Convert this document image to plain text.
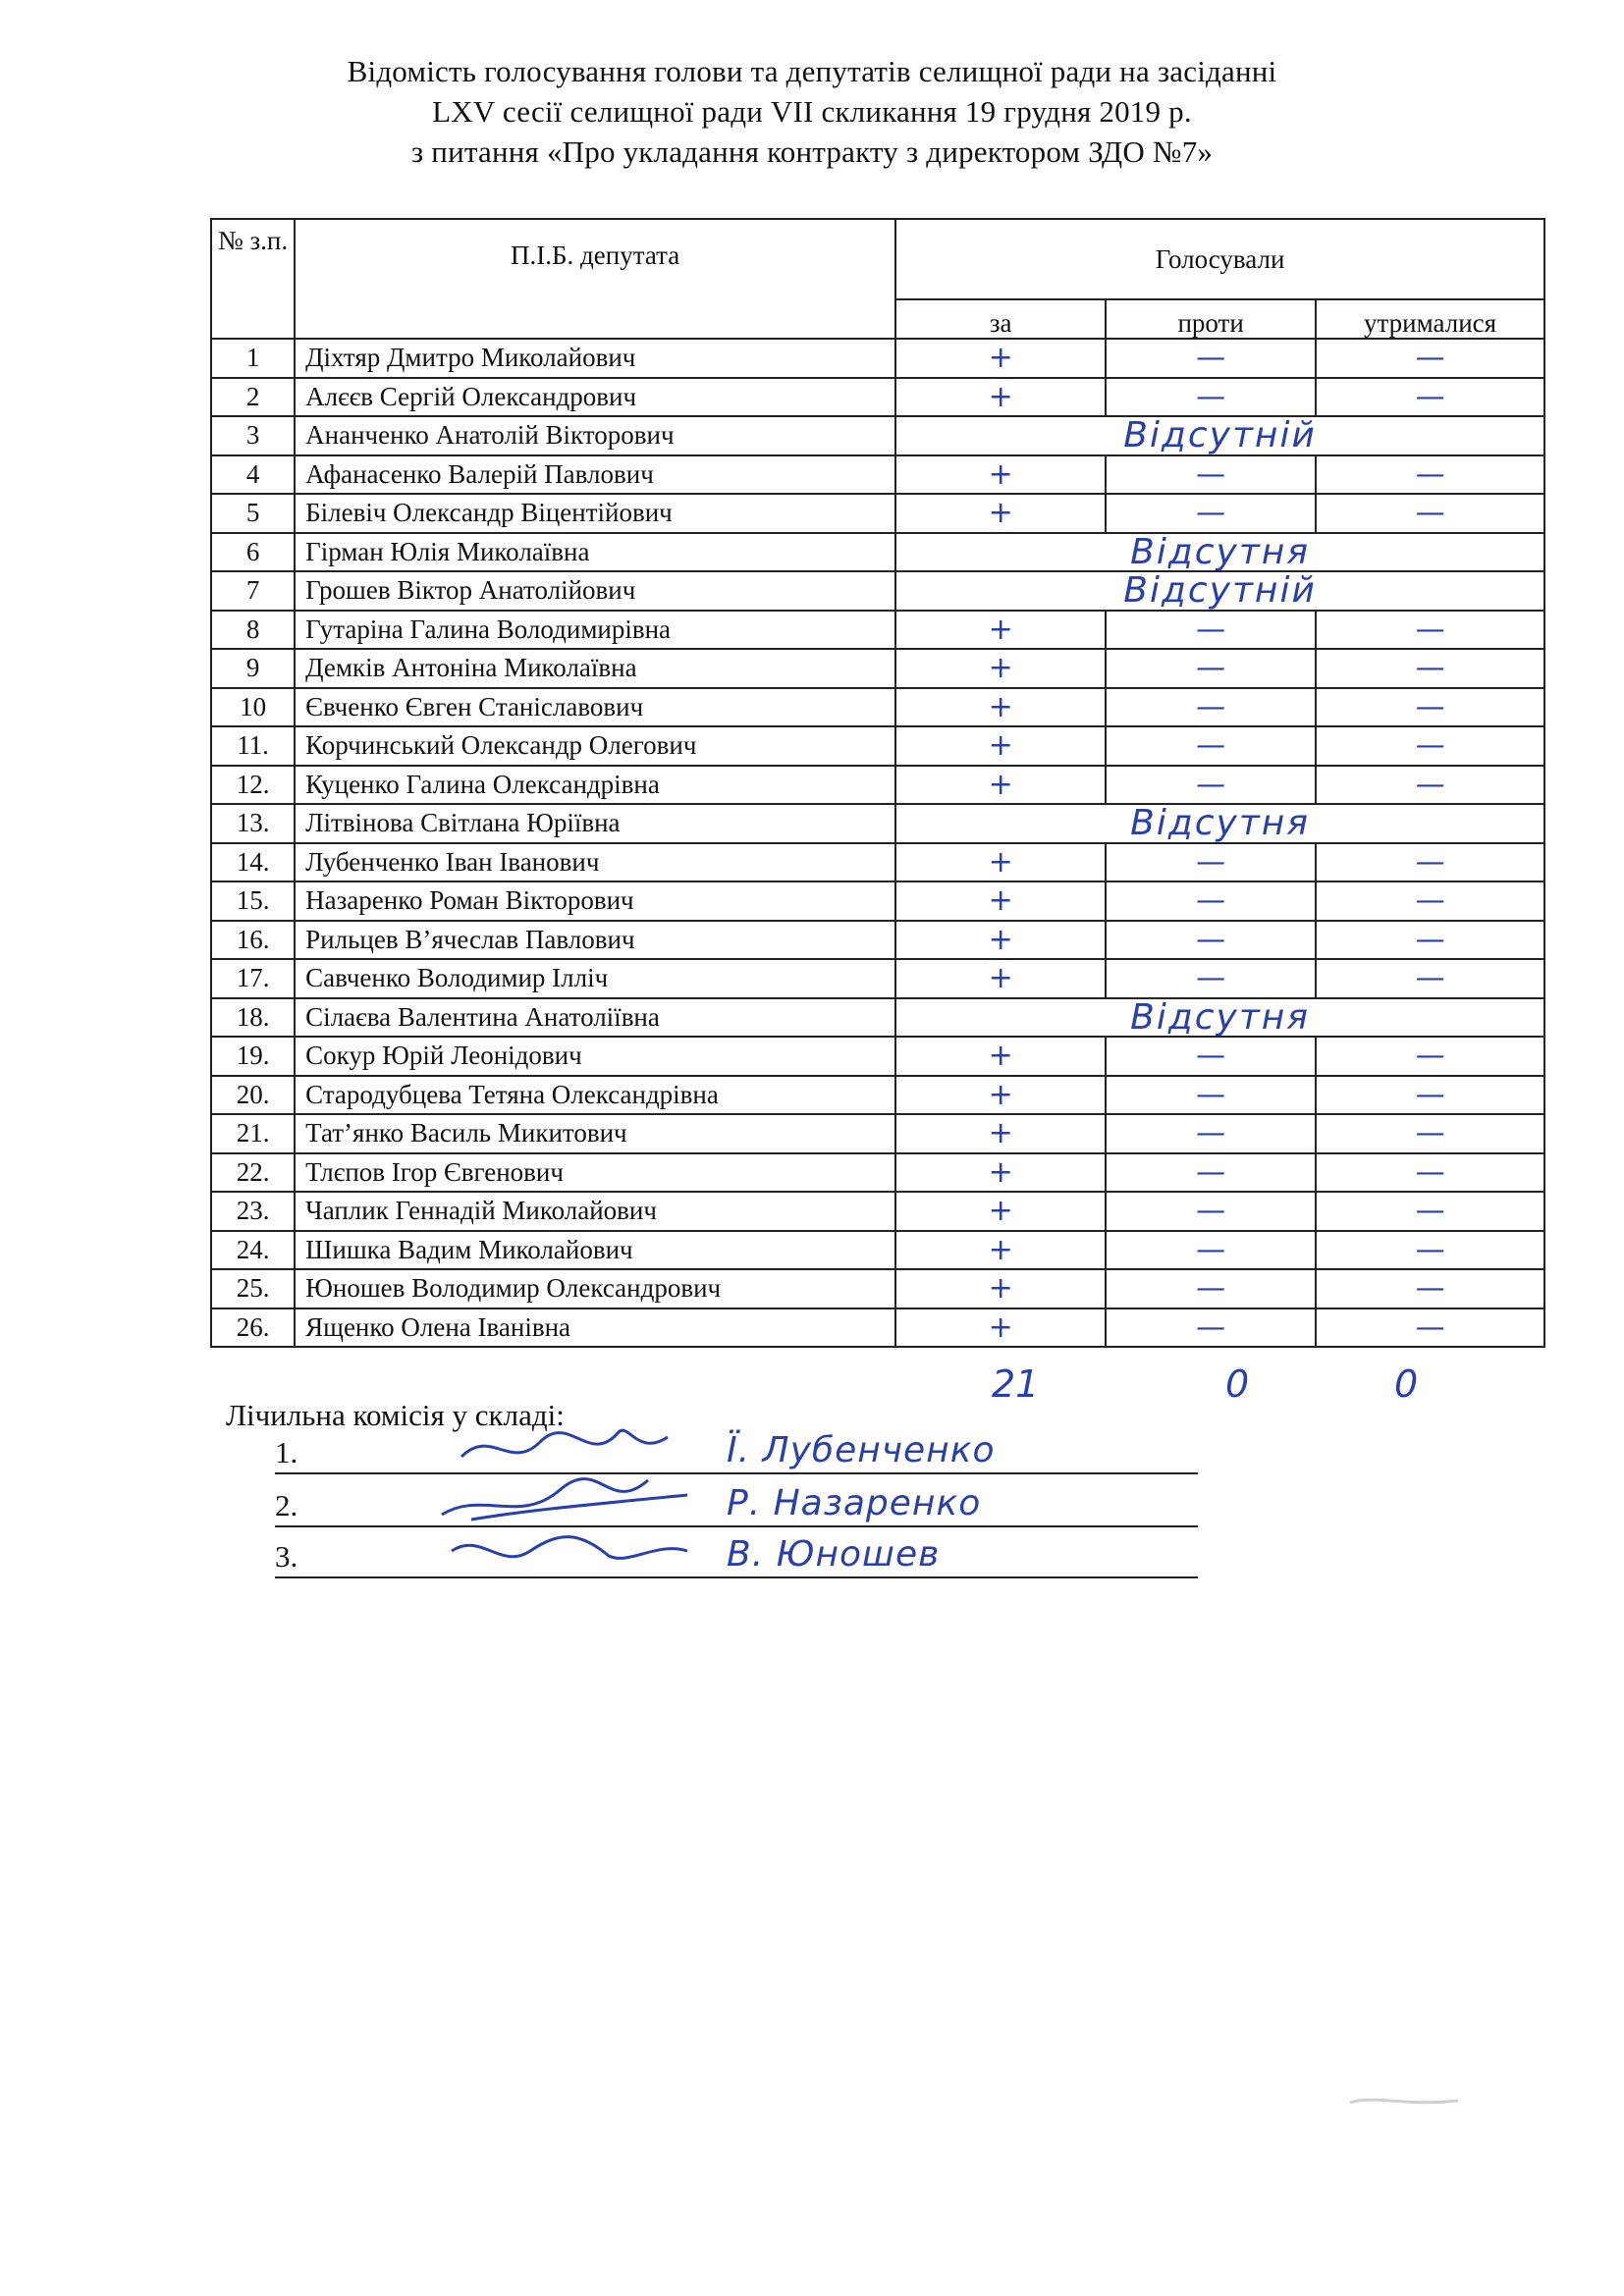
Відомість голосування голови та депутатів селищної ради на засіданні
LXV сесії селищної ради VII скликання 19 грудня 2019 р.
з питання «Про укладання контракту з директором ЗДО №7»
№ з.п.	П.І.Б. депутата	Голосували		
		за	проти	утрималися
1	Діхтяр Дмитро Миколайович	+	—	—
2	Алєєв Сергій Олександрович	+	—	—
3	Ананченко Анатолій Вікторович	Відсутній		
4	Афанасенко Валерій Павлович	+	—	—
5	Білевіч Олександр Віцентійович	+	—	—
6	Гірман Юлія Миколаївна	Відсутня		
7	Грошев Віктор Анатолійович	Відсутній		
8	Гутаріна Галина Володимирівна	+	—	—
9	Демків Антоніна Миколаївна	+	—	—
10	Євченко Євген Станіславович	+	—	—
11.	Корчинський Олександр Олегович	+	—	—
12.	Куценко Галина Олександрівна	+	—	—
13.	Літвінова Світлана Юріївна	Відсутня		
14.	Лубенченко Іван Іванович	+	—	—
15.	Назаренко Роман Вікторович	+	—	—
16.	Рильцев В’ячеслав Павлович	+	—	—
17.	Савченко Володимир Ілліч	+	—	—
18.	Сілаєва Валентина Анатоліївна	Відсутня		
19.	Сокур Юрій Леонідович	+	—	—
20.	Стародубцева Тетяна Олександрівна	+	—	—
21.	Тат’янко Василь Микитович	+	—	—
22.	Тлєпов Ігор Євгенович	+	—	—
23.	Чаплик Геннадій Миколайович	+	—	—
24.	Шишка Вадим Миколайович	+	—	—
25.	Юношев Володимир Олександрович	+	—	—
26.	Ященко Олена Іванівна	+	—	—
21	0	0
Лічильна комісія у складі:
1.	Ї. Лубенченко
2.	Р. Назаренко
3.	В. Юношев
